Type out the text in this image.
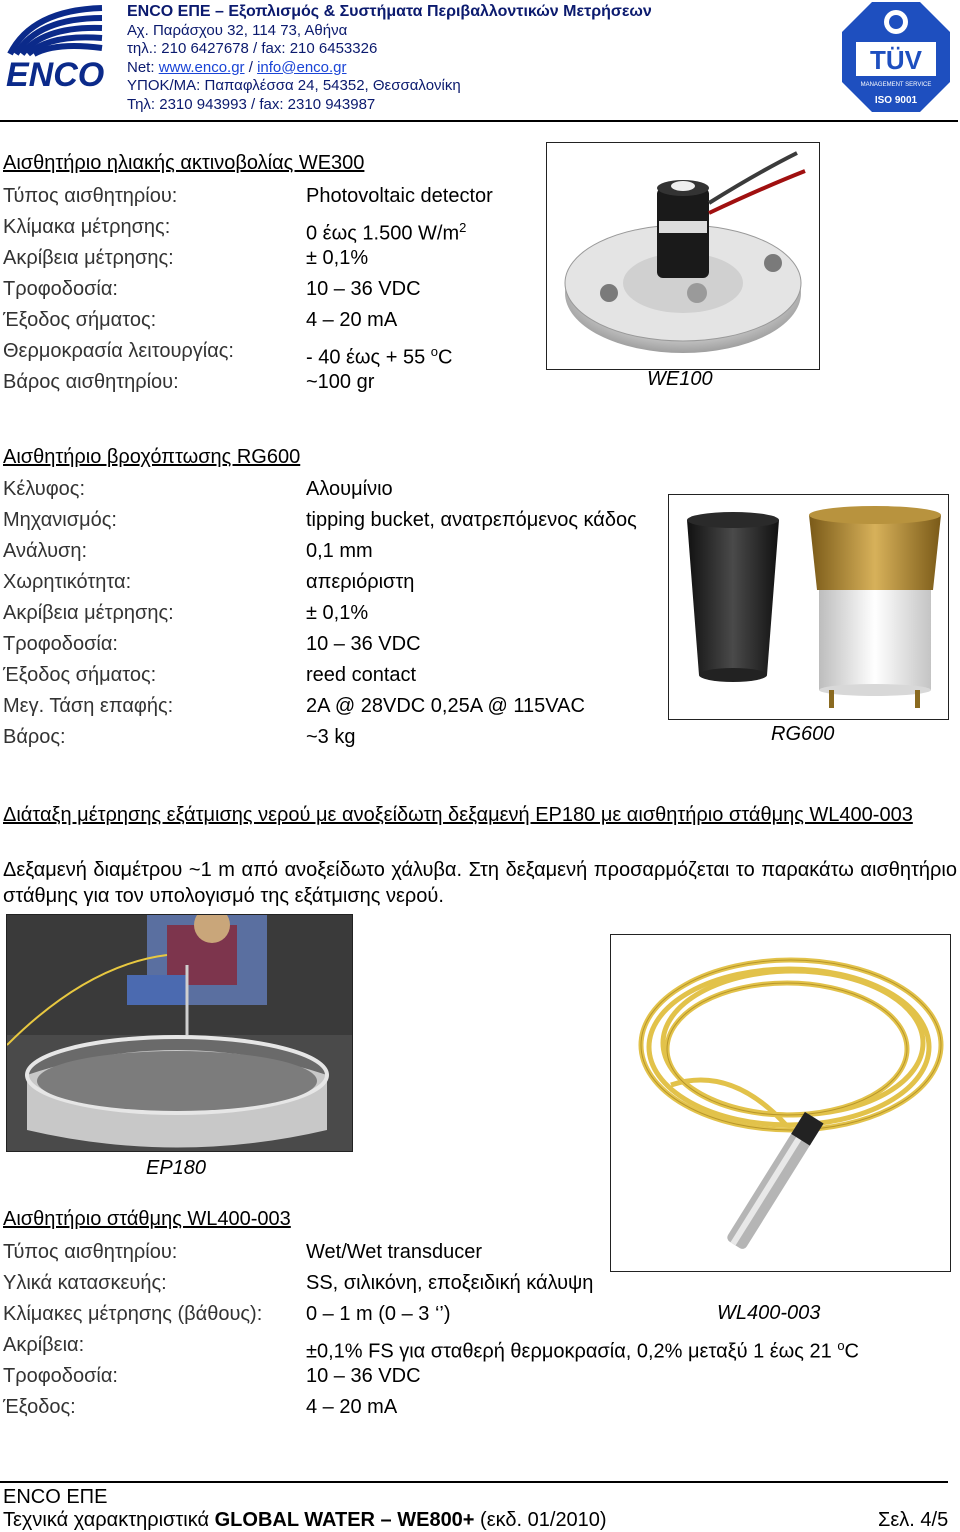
ENCO
ENCO ΕΠΕ – Εξοπλισμός & Συστήματα Περιβαλλοντικών Μετρήσεων
Αχ. Παράσχου 32, 114 73, Αθήνα
τηλ.: 210 6427678 / fax: 210 6453326
Net: www.enco.gr / info@enco.gr
ΥΠΟΚ/ΜΑ: Παπαφλέσσα 24, 54352, Θεσσαλονίκη
Τηλ: 2310 943993 / fax: 2310 943987
TÜV
MANAGEMENT SERVICE
ISO 9001
Αισθητήριο ηλιακής ακτινοβολίας WE300
Τύπος αισθητηρίου:	Photovoltaic detector
Κλίμακα μέτρησης:	0 έως 1.500 $W/m^2$
Ακρίβεια μέτρησης:	± 0,1%
Τροφοδοσία:	10 – 36 VDC
Έξοδος σήματος:	4 – 20 mA
Θερμοκρασία λειτουργίας:	- 40 έως + 55 $^o$C
Βάρος αισθητηρίου:	~100 gr	WE100
Αισθητήριο βροχόπτωσης RG600
Κέλυφος:	Αλουμίνιο
Μηχανισμός:	tipping bucket, ανατρεπόμενος κάδος
Ανάλυση:	0,1 mm
Χωρητικότητα:	απεριόριστη
Ακρίβεια μέτρησης:	± 0,1%
Τροφοδοσία:	10 – 36 VDC
Έξοδος σήματος:	reed contact
Μεγ. Τάση επαφής:	2A @ 28VDC 0,25A @ 115VAC
Βάρος:	~3 kg	RG600
Διάταξη μέτρησης εξάτμισης νερού με ανοξείδωτη δεξαμενή EP180 με αισθητήριο στάθμης WL400-003
Δεξαμενή διαμέτρου ~1 m από ανοξείδωτο χάλυβα. Στη δεξαμενή προσαρμόζεται το παρακάτω αισθητήριο στάθμης για τον υπολογισμό της εξάτμισης νερού.
EP180
Αισθητήριο στάθμης WL400-003
Τύπος αισθητηρίου:	Wet/Wet transducer
Υλικά κατασκευής:	SS, σιλικόνη, εποξειδική κάλυψη
Κλίμακες μέτρησης (βάθους): 0 – 1 m (0 – 3 ‘’)
Ακρίβεια:	±0,1% FS για σταθερή θερμοκρασία, 0,2% μεταξύ 1 έως 21 $^o$C
Τροφοδοσία:	10 – 36 VDC
Έξοδος:	4 – 20 mA
WL400-003
ENCO ΕΠΕ
Τεχνικά χαρακτηριστικά GLOBAL WATER – WE800+ (εκδ. 01/2010)	Σελ. 4/5
